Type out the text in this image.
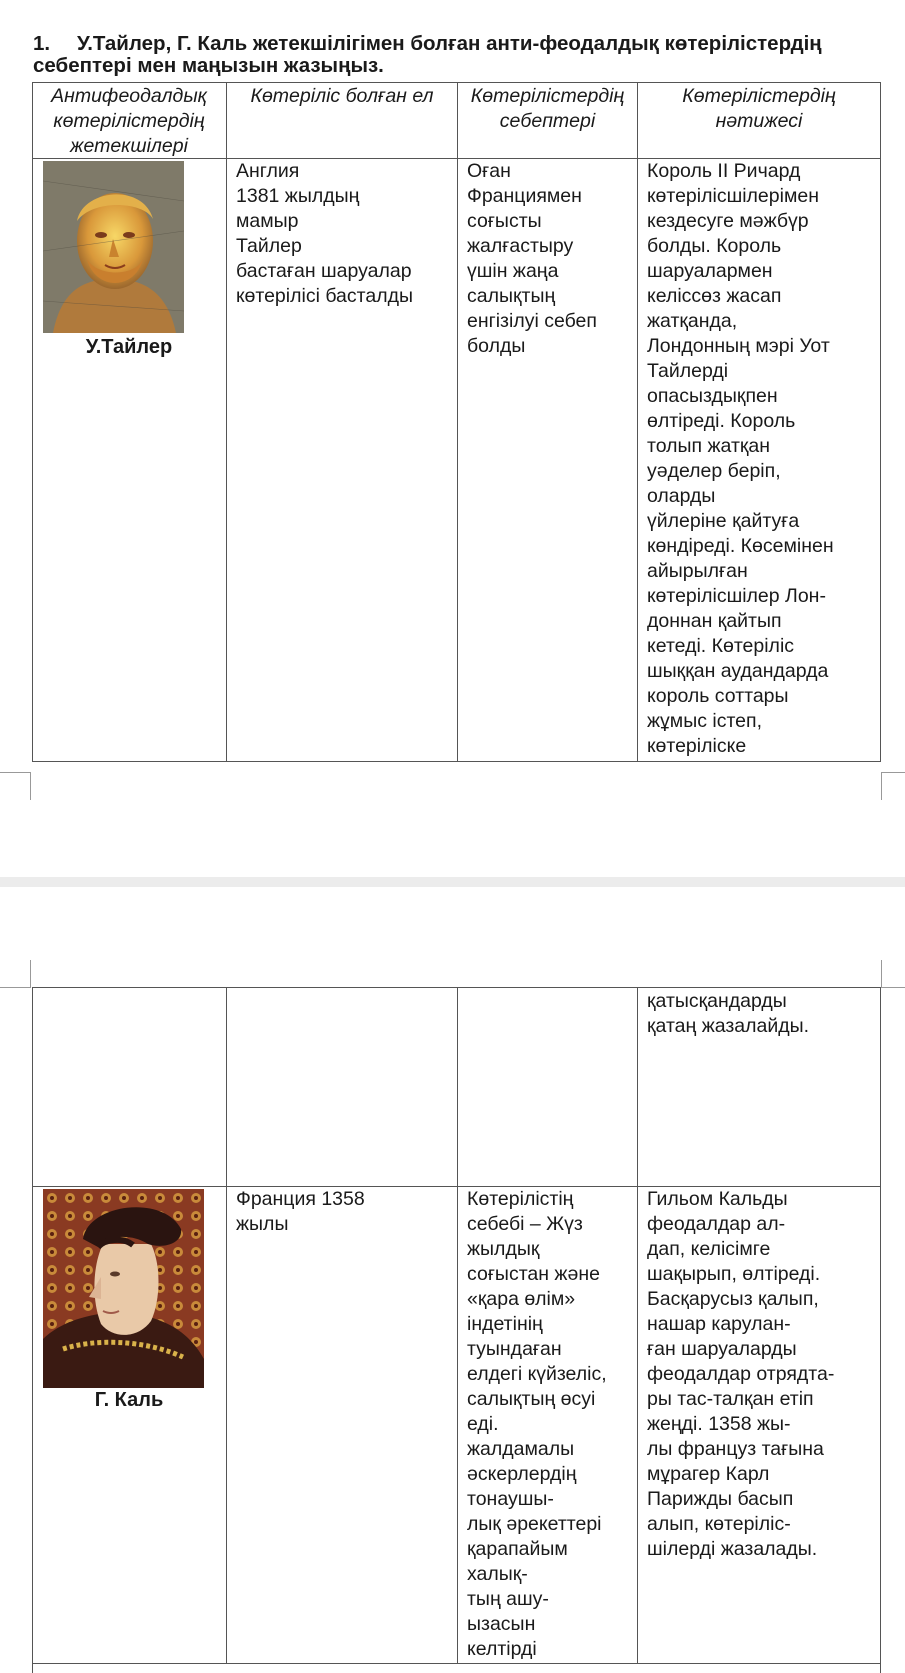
1. У.Тайлер, Г. Каль жетекшілігімен болған анти-феодалдық көтерілістердің
себептері мен маңызын жазыңыз.
Антифеодалдық
көтерілістердің
жетекшілері
Көтеріліс болған ел	Көтерілістердің
себептері
Көтерілістердің
нәтижесі
У.Тайлер
Англия
1381 жылдың
мамыр
Тайлер
бастаған шаруалар
көтерілісі басталды
Оған
Франциямен
соғысты
жалғастыру
үшін жаңа
салықтың
енгізілуі себеп
болды
Король ІІ Ричард
көтерілісшілерімен
кездесуге мәжбүр
болды. Король
шаруалармен
келіссөз жасап
жатқанда,
Лондонның мэрі Уот
Тайлерді
опасыздықпен
өлтіреді. Король
толып жатқан
уәделер беріп,
оларды
үйлеріне қайтуға
көндіреді. Көсемінен
айырылған
көтерілісшілер Лон-
доннан қайтып
кетеді. Көтеріліс
шыққан аудандарда
король соттары
жұмыс істеп,
көтеріліске
қатысқандарды
қатаң жазалайды.
Г. Каль
Франция 1358
жылы
Көтерілістің
себебі – Жүз
жылдық
соғыстан және
«қара өлім»
індетінің
туындаған
елдегі күйзеліс,
салықтың өсуі
еді.
жалдамалы
әскерлердің
тонаушы-
лық әрекеттері
қарапайым
халық-
тың ашу-
ызасын
келтірді
Гильом Кальды
феодалдар ал-
дап, келісімге
шақырып, өлтіреді.
Басқарусыз қалып,
нашар карулан-
ған шаруаларды
феодалдар отрядта-
ры тас-талқан етіп
жеңді. 1358 жы-
лы француз тағына
мұрагер Карл
Парижды басып
алып, көтеріліс-
шілерді жазалады.
